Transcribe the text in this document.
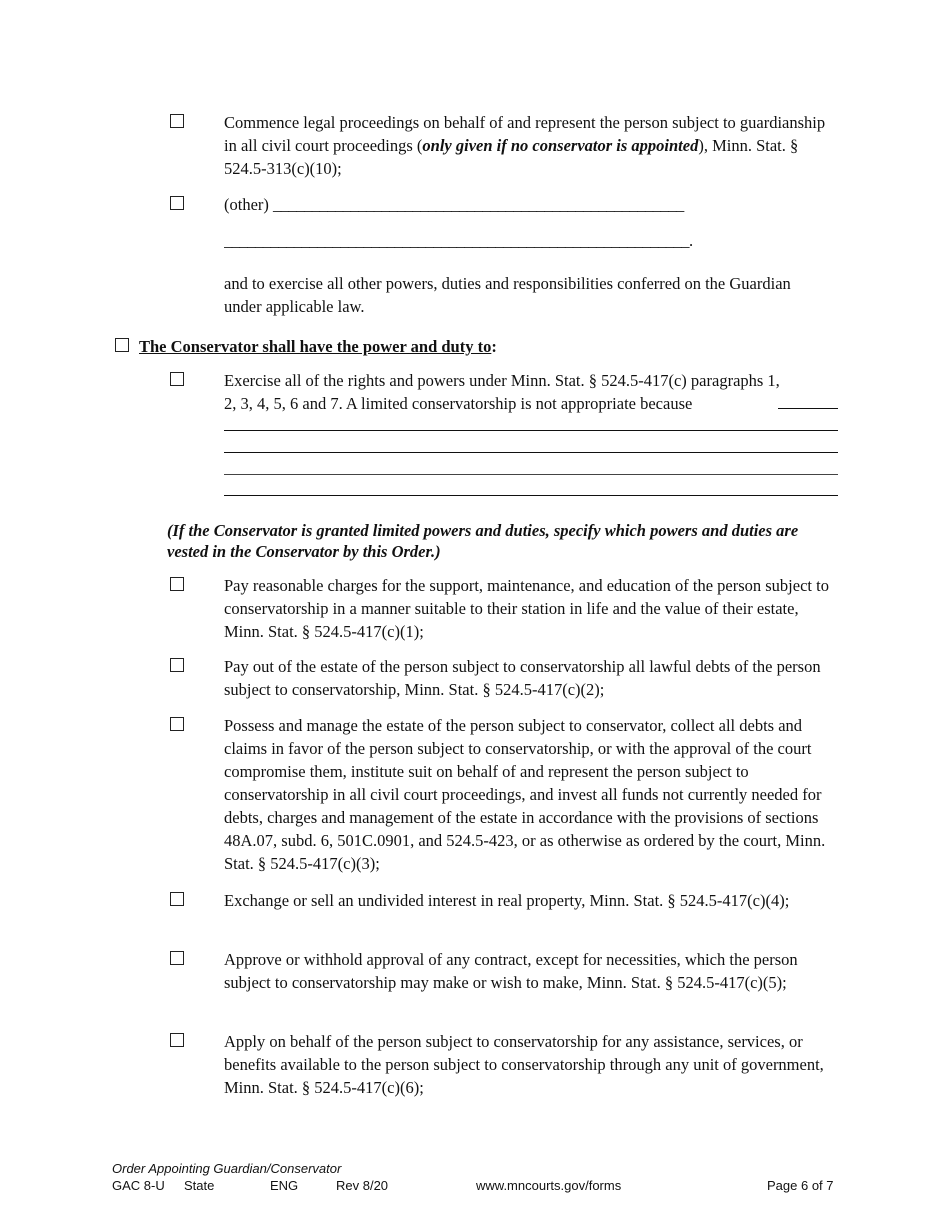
Commence legal proceedings on behalf of and represent the person subject to guardianship in all civil court proceedings (only given if no conservator is appointed), Minn. Stat. § 524.5-313(c)(10);
(other) _____________________________________________________
____________________________________________________________.
and to exercise all other powers, duties and responsibilities conferred on the Guardian under applicable law.
The Conservator shall have the power and duty to:
Exercise all of the rights and powers under Minn. Stat. § 524.5-417(c) paragraphs 1, 2, 3, 4, 5, 6 and 7. A limited conservatorship is not appropriate because
(If the Conservator is granted limited powers and duties, specify which powers and duties are vested in the Conservator by this Order.)
Pay reasonable charges for the support, maintenance, and education of the person subject to conservatorship in a manner suitable to their station in life and the value of their estate, Minn. Stat. § 524.5-417(c)(1);
Pay out of the estate of the person subject to conservatorship all lawful debts of the person subject to conservatorship, Minn. Stat. § 524.5-417(c)(2);
Possess and manage the estate of the person subject to conservator, collect all debts and claims in favor of the person subject to conservatorship, or with the approval of the court compromise them, institute suit on behalf of and represent the person subject to conservatorship in all civil court proceedings, and invest all funds not currently needed for debts, charges and management of the estate in accordance with the provisions of sections 48A.07, subd. 6, 501C.0901, and 524.5-423, or as otherwise as ordered by the court, Minn. Stat. § 524.5-417(c)(3);
Exchange or sell an undivided interest in real property, Minn. Stat. § 524.5-417(c)(4);
Approve or withhold approval of any contract, except for necessities, which the person subject to conservatorship may make or wish to make, Minn. Stat. § 524.5-417(c)(5);
Apply on behalf of the person subject to conservatorship for any assistance, services, or benefits available to the person subject to conservatorship through any unit of government, Minn. Stat. § 524.5-417(c)(6);
Order Appointing Guardian/Conservator
GAC 8-U State	ENG	Rev 8/20	www.mncourts.gov/forms	Page 6 of 7
